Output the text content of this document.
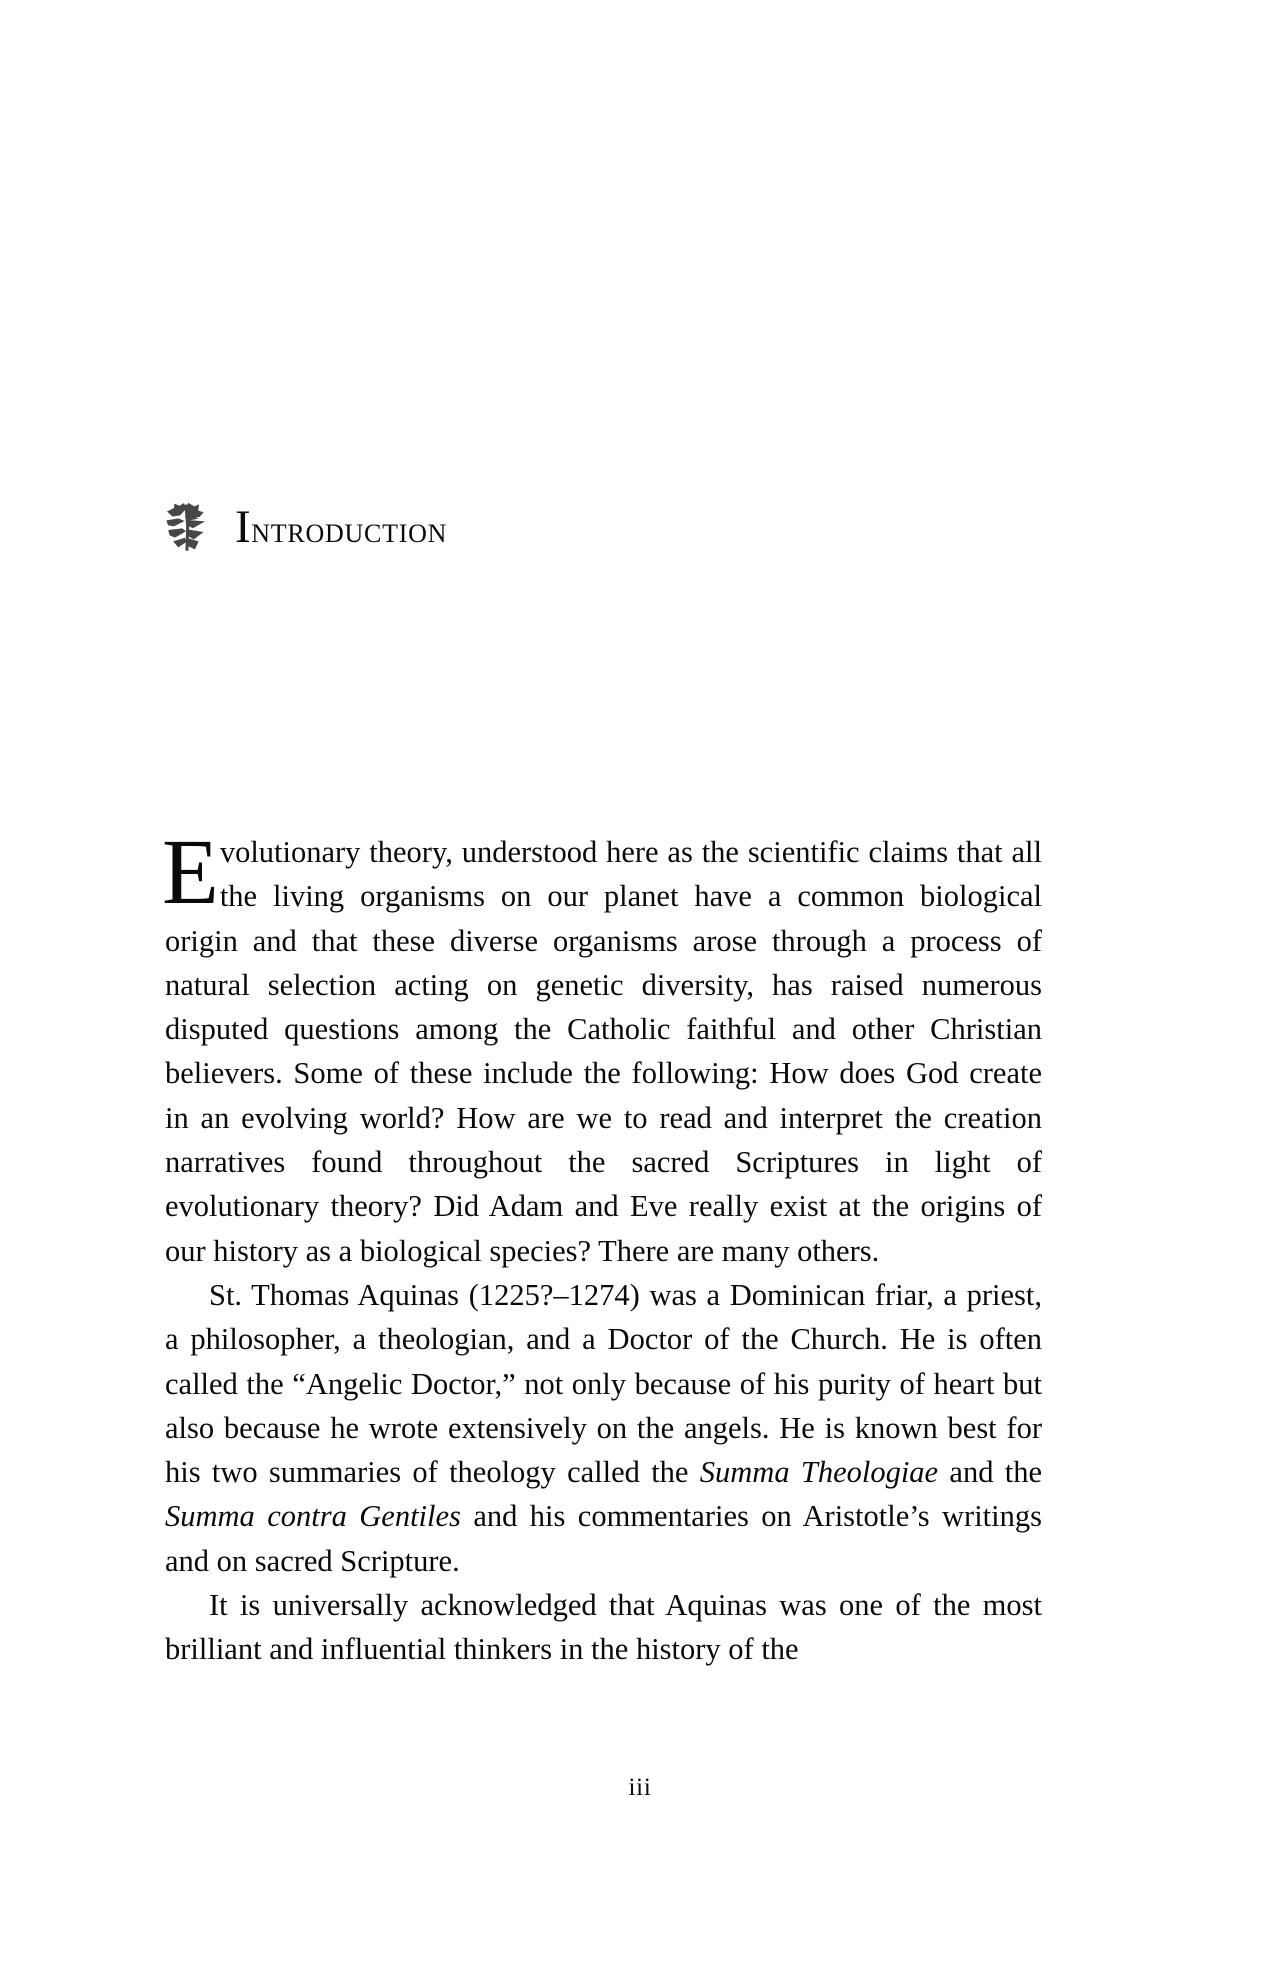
Introduction

Evolutionary theory, understood here as the scientific claims that all the living organisms on our planet have a common biological origin and that these diverse organisms arose through a process of natural selection acting on genetic diversity, has raised numerous disputed questions among the Catholic faithful and other Christian believers. Some of these include the following: How does God create in an evolving world? How are we to read and interpret the creation narratives found throughout the sacred Scriptures in light of evolutionary theory? Did Adam and Eve really exist at the origins of our history as a biological species? There are many others.

St. Thomas Aquinas (1225?–1274) was a Dominican friar, a priest, a philosopher, a theologian, and a Doctor of the Church. He is often called the “Angelic Doctor,” not only because of his purity of heart but also because he wrote extensively on the angels. He is known best for his two summaries of theology called the Summa Theologiae and the Summa contra Gentiles and his commentaries on Aristotle’s writings and on sacred Scripture.

It is universally acknowledged that Aquinas was one of the most brilliant and influential thinkers in the history of the

iii
